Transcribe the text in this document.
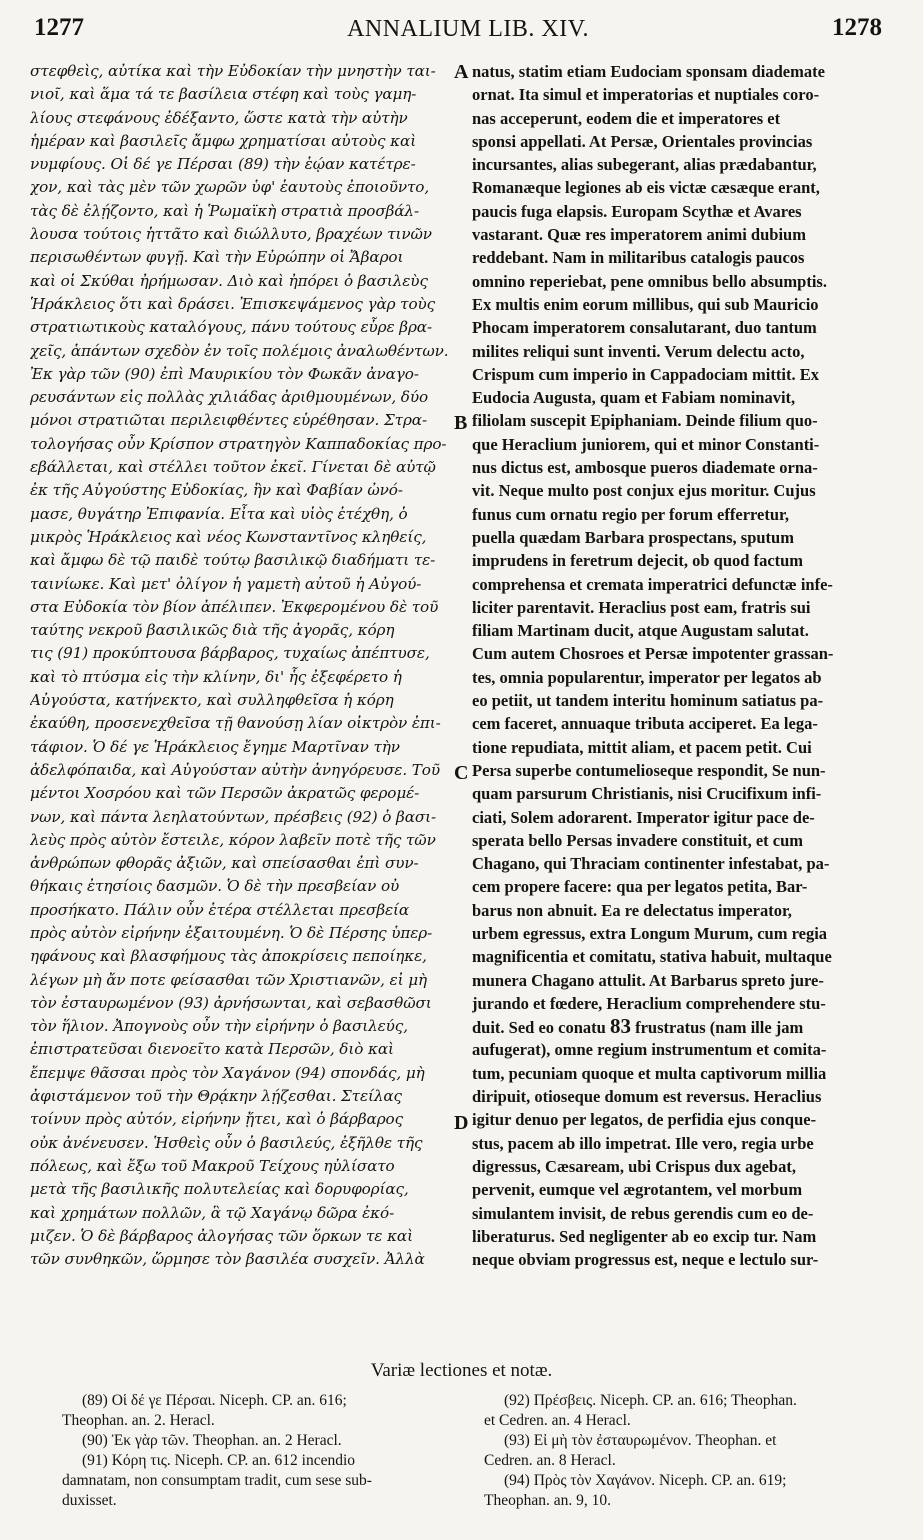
1277	ANNALIUM LIB. XIV.	1278
στεφθεὶς, αὐτίκα καὶ τὴν Εὐδοκίαν τὴν μνηστὴν ται-
νιοῖ, καὶ ἅμα τά τε βασίλεια στέφη καὶ τοὺς γαμη-
λίους στεφάνους ἐδέξαντο, ὥστε κατὰ τὴν αὐτὴν
ἡμέραν καὶ βασιλεῖς ἄμφω χρηματίσαι αὐτοὺς καὶ
νυμφίους. Οἱ δέ γε Πέρσαι (89) τὴν ἑῴαν κατέτρε-
χον, καὶ τὰς μὲν τῶν χωρῶν ὑφ' ἑαυτοὺς ἐποιοῦντο,
τὰς δὲ ἐλῄζοντο, καὶ ἡ Ῥωμαϊκὴ στρατιὰ προσβάλ-
λουσα τούτοις ἡττᾶτο καὶ διώλλυτο, βραχέων τινῶν
περισωθέντων φυγῇ. Καὶ τὴν Εὐρώπην οἱ Ἄβαροι
καὶ οἱ Σκύθαι ἠρήμωσαν. Διὸ καὶ ἠπόρει ὁ βασιλεὺς
Ἡράκλειος ὅτι καὶ δράσει. Ἐπισκεψάμενος γὰρ τοὺς
στρατιωτικοὺς καταλόγους, πάνυ τούτους εὗρε βρα-
χεῖς, ἁπάντων σχεδὸν ἐν τοῖς πολέμοις ἀναλωθέντων.
Ἐκ γὰρ τῶν (90) ἐπὶ Μαυρικίου τὸν Φωκᾶν ἀναγο-
ρευσάντων εἰς πολλὰς χιλιάδας ἀριθμουμένων, δύο
μόνοι στρατιῶται περιλειφθέντες εὑρέθησαν. Στρα-
τολογήσας οὖν Κρίσπον στρατηγὸν Καππαδοκίας προ-
εβάλλεται, καὶ στέλλει τοῦτον ἐκεῖ. Γίνεται δὲ αὐτῷ
ἐκ τῆς Αὐγούστης Εὐδοκίας, ἣν καὶ Φαβίαν ὠνό-
μασε, θυγάτηρ Ἐπιφανία. Εἶτα καὶ υἱὸς ἐτέχθη, ὁ
μικρὸς Ἡράκλειος καὶ νέος Κωνσταντῖνος κληθείς,
καὶ ἄμφω δὲ τῷ παιδὲ τούτῳ βασιλικῷ διαδήματι τε-
ταινίωκε. Καὶ μετ' ὀλίγον ἡ γαμετὴ αὐτοῦ ἡ Αὐγού-
στα Εὐδοκία τὸν βίον ἀπέλιπεν. Ἐκφερομένου δὲ τοῦ
ταύτης νεκροῦ βασιλικῶς διὰ τῆς ἀγορᾶς, κόρη
τις (91) προκύπτουσα βάρβαρος, τυχαίως ἀπέπτυσε,
καὶ τὸ πτύσμα εἰς τὴν κλίνην, δι' ἧς ἐξεφέρετο ἡ
Αὐγούστα, κατήνεκτο, καὶ συλληφθεῖσα ἡ κόρη
ἐκαύθη, προσενεχθεῖσα τῇ θανούσῃ λίαν οἰκτρὸν ἐπι-
τάφιον. Ὁ δέ γε Ἡράκλειος ἔγημε Μαρτῖναν τὴν
ἀδελφόπαιδα, καὶ Αὐγούσταν αὐτὴν ἀνηγόρευσε. Τοῦ
μέντοι Χοσρόου καὶ τῶν Περσῶν ἀκρατῶς φερομέ-
νων, καὶ πάντα λεηλατούντων, πρέσβεις (92) ὁ βασι-
λεὺς πρὸς αὐτὸν ἔστειλε, κόρον λαβεῖν ποτὲ τῆς τῶν
ἀνθρώπων φθορᾶς ἀξιῶν, καὶ σπείσασθαι ἐπὶ συν-
θήκαις ἐτησίοις δασμῶν. Ὁ δὲ τὴν πρεσβείαν οὐ
προσήκατο. Πάλιν οὖν ἑτέρα στέλλεται πρεσβεία
πρὸς αὐτὸν εἰρήνην ἐξαιτουμένη. Ὁ δὲ Πέρσης ὑπερ-
ηφάνους καὶ βλασφήμους τὰς ἀποκρίσεις πεποίηκε,
λέγων μὴ ἄν ποτε φείσασθαι τῶν Χριστιανῶν, εἰ μὴ
τὸν ἐσταυρωμένον (93) ἀρνήσωνται, καὶ σεβασθῶσι
τὸν ἥλιον. Ἀπογνοὺς οὖν τὴν εἰρήνην ὁ βασιλεύς,
ἐπιστρατεῦσαι διενοεῖτο κατὰ Περσῶν, διὸ καὶ
ἔπεμψε θᾶσσαι πρὸς τὸν Χαγάνον (94) σπονδάς, μὴ
ἀφιστάμενον τοῦ τὴν Θρᾴκην λῄζεσθαι. Στείλας
τοίνυν πρὸς αὐτόν, εἰρήνην ᾔτει, καὶ ὁ βάρβαρος
οὐκ ἀνένευσεν. Ἡσθεὶς οὖν ὁ βασιλεύς, ἐξῆλθε τῆς
πόλεως, καὶ ἔξω τοῦ Μακροῦ Τείχους ηὐλίσατο
μετὰ τῆς βασιλικῆς πολυτελείας καὶ δορυφορίας,
καὶ χρημάτων πολλῶν, ἃ τῷ Χαγάνῳ δῶρα ἐκό-
μιζεν. Ὁ δὲ βάρβαρος ἀλογήσας τῶν ὅρκων τε καὶ
τῶν συνθηκῶν, ὥρμησε τὸν βασιλέα συσχεῖν. Ἀλλὰ
natus, statim etiam Eudociam sponsam diademate
ornat. Ita simul et imperatorias et nuptiales coro-
nas acceperunt, eodem die et imperatores et
sponsi appellati. At Persæ, Orientales provincias
incursantes, alias subegerant, alias prædabantur,
Romanæque legiones ab eis victæ cæsæque erant,
paucis fuga elapsis. Europam Scythæ et Avares
vastarant. Quæ res imperatorem animi dubium
reddebant. Nam in militaribus catalogis paucos
omnino reperiebat, pene omnibus bello absumptis.
Ex multis enim eorum millibus, qui sub Mauricio
Phocam imperatorem consalutarant, duo tantum
milites reliqui sunt inventi. Verum delectu acto,
Crispum cum imperio in Cappadociam mittit. Ex
Eudocia Augusta, quam et Fabiam nominavit,
filiolam suscepit Epiphaniam. Deinde filium quo-
que Heraclium juniorem, qui et minor Constanti-
nus dictus est, ambosque pueros diademate orna-
vit. Neque multo post conjux ejus moritur. Cujus
funus cum ornatu regio per forum efferretur,
puella quædam Barbara prospectans, sputum
imprudens in feretrum dejecit, ob quod factum
comprehensa et cremata imperatrici defunctæ infe-
liciter parentavit. Heraclius post eam, fratris sui
filiam Martinam ducit, atque Augustam salutat.
Cum autem Chosroes et Persæ impotenter grassan-
tes, omnia popularentur, imperator per legatos ab
eo petiit, ut tandem interitu hominum satiatus pa-
cem faceret, annuaque tributa acciperet. Ea lega-
tione repudiata, mittit aliam, et pacem petit. Cui
Persa superbe contumelioseque respondit, Se nun-
quam parsurum Christianis, nisi Crucifixum infi-
ciati, Solem adorarent. Imperator igitur pace de-
sperata bello Persas invadere constituit, et cum
Chagano, qui Thraciam continenter infestabat, pa-
cem propere facere: qua per legatos petita, Bar-
barus non abnuit. Ea re delectatus imperator,
urbem egressus, extra Longum Murum, cum regia
magnificentia et comitatu, stativa habuit, multaque
munera Chagano attulit. At Barbarus spreto jure-
jurando et fœdere, Heraclium comprehendere stu-
duit. Sed eo conatu 83 frustratus (nam ille jam
aufugerat), omne regium instrumentum et comita-
tum, pecuniam quoque et multa captivorum millia
diripuit, otioseque domum est reversus. Heraclius
igitur denuo per legatos, de perfidia ejus conque-
stus, pacem ab illo impetrat. Ille vero, regia urbe
digressus, Cæsaream, ubi Crispus dux agebat,
pervenit, eumque vel ægrotantem, vel morbum
simulantem invisit, de rebus gerendis cum eo de-
liberaturus. Sed negligenter ab eo excip tur. Nam
neque obviam progressus est, neque e lectulo sur-
A
B
C
D
Variæ lectiones et notæ.
(89) Οἱ δέ γε Πέρσαι. Niceph. CP. an. 616;
Theophan. an. 2. Heracl.
(90) Ἐκ γὰρ τῶν. Theophan. an. 2 Heracl.
(91) Κόρη τις. Niceph. CP. an. 612 incendio
damnatam, non consumptam tradit, cum sese sub-
duxisset.
(92) Πρέσβεις. Niceph. CP. an. 616; Theophan.
et Cedren. an. 4 Heracl.
(93) Εἰ μὴ τὸν ἐσταυρωμένον. Theophan. et
Cedren. an. 8 Heracl.
(94) Πρὸς τὸν Χαγάνον. Niceph. CP. an. 619;
Theophan. an. 9, 10.
